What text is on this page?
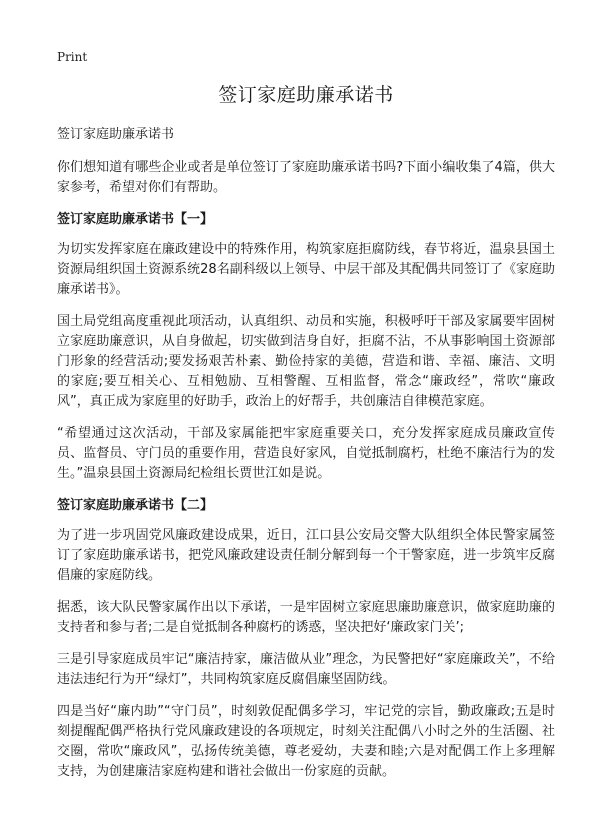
Print
签订家庭助廉承诺书
签订家庭助廉承诺书

你们想知道有哪些企业或者是单位签订了家庭助廉承诺书吗?下面小编收集了4篇，供大家参考，希望对你们有帮助。

签订家庭助廉承诺书【一】

为切实发挥家庭在廉政建设中的特殊作用，构筑家庭拒腐防线，春节将近，温泉县国土资源局组织国土资源系统28名副科级以上领导、中层干部及其配偶共同签订了《家庭助廉承诺书》。

国土局党组高度重视此项活动，认真组织、动员和实施，积极呼吁干部及家属要牢固树立家庭助廉意识，从自身做起，切实做到洁身自好，拒腐不沾，不从事影响国土资源部门形象的经营活动;要发扬艰苦朴素、勤俭持家的美德，营造和谐、幸福、廉洁、文明的家庭;要互相关心、互相勉励、互相警醒、互相监督，常念“廉政经”，常吹“廉政风”，真正成为家庭里的好助手，政治上的好帮手，共创廉洁自律模范家庭。

“希望通过这次活动，干部及家属能把牢家庭重要关口，充分发挥家庭成员廉政宣传员、监督员、守门员的重要作用，营造良好家风，自觉抵制腐朽，杜绝不廉洁行为的发生。”温泉县国土资源局纪检组长贾世江如是说。

签订家庭助廉承诺书【二】

为了进一步巩固党风廉政建设成果，近日，江口县公安局交警大队组织全体民警家属签订了家庭助廉承诺书，把党风廉政建设责任制分解到每一个干警家庭，进一步筑牢反腐倡廉的家庭防线。

据悉，该大队民警家属作出以下承诺，一是牢固树立家庭思廉助廉意识，做家庭助廉的支持者和参与者;二是自觉抵制各种腐朽的诱惑，坚决把好‘廉政家门关’;

三是引导家庭成员牢记“廉洁持家，廉洁做从业”理念，为民警把好“家庭廉政关”，不给违法违纪行为开“绿灯”，共同构筑家庭反腐倡廉坚固防线。

四是当好“廉内助”“守门员”，时刻敦促配偶多学习，牢记党的宗旨，勤政廉政;五是时刻提醒配偶严格执行党风廉政建设的各项规定，时刻关注配偶八小时之外的生活圈、社交圈，常吹“廉政风”，弘扬传统美德，尊老爱幼，夫妻和睦;六是对配偶工作上多理解支持，为创建廉洁家庭构建和谐社会做出一份家庭的贡献。
